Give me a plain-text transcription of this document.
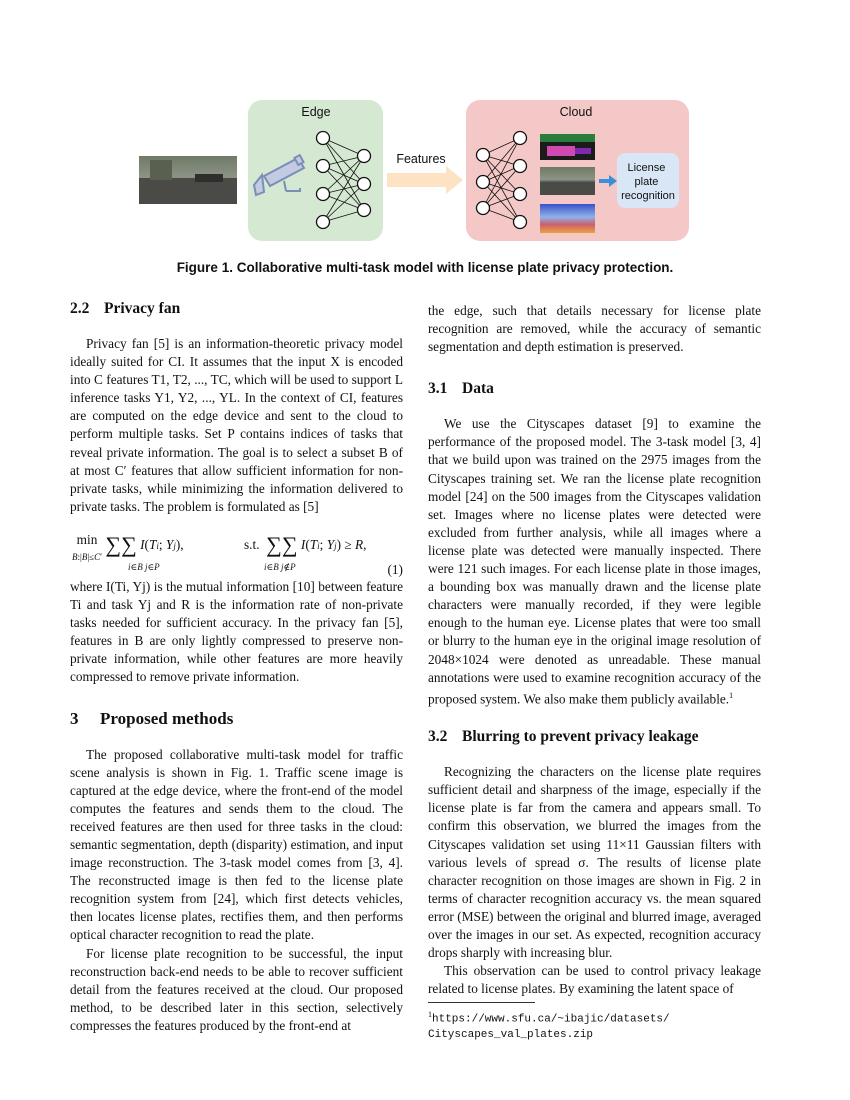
Edge
Features
Cloud
License plate recognition
Figure 1. Collaborative multi-task model with license plate privacy protection.
2.2 Privacy fan

Privacy fan [5] is an information-theoretic privacy model ideally suited for CI. It assumes that the input X is encoded into C features T1, T2, ..., TC, which will be used to support L inference tasks Y1, Y2, ..., YL. In the context of CI, features are computed on the edge device and sent to the cloud to perform multiple tasks. Set P contains indices of tasks that reveal private information. The goal is to select a subset B of at most C′ features that allow sufficient information for non-private tasks, while minimizing the information delivered to private tasks. The problem is formulated as [5]

min
B:|B|≤C′ ∑∑ I(Ti; Yj),
i∈B j∈P
s.t.  ∑∑ I(Ti; Yj) ≥ R,
i∈B j∉P	(1)

where I(Ti, Yj) is the mutual information [10] between feature Ti and task Yj and R is the information rate of non-private tasks needed for sufficient accuracy. In the privacy fan [5], features in B are only lightly compressed to preserve non-private information, while other features are more heavily compressed to remove private information.

3 Proposed methods

The proposed collaborative multi-task model for traffic scene analysis is shown in Fig. 1. Traffic scene image is captured at the edge device, where the front-end of the model computes the features and sends them to the cloud. The received features are then used for three tasks in the cloud: semantic segmentation, depth (disparity) estimation, and input image reconstruction. The 3-task model comes from [3, 4]. The reconstructed image is then fed to the license plate recognition system from [24], which first detects vehicles, then locates license plates, rectifies them, and then performs optical character recognition to read the plate.

For license plate recognition to be successful, the input reconstruction back-end needs to be able to recover sufficient detail from the features received at the cloud. Our proposed method, to be described later in this section, selectively compresses the features produced by the front-end at

the edge, such that details necessary for license plate recognition are removed, while the accuracy of semantic segmentation and depth estimation is preserved.

3.1 Data

We use the Cityscapes dataset [9] to examine the performance of the proposed model. The 3-task model [3, 4] that we build upon was trained on the 2975 images from the Cityscapes training set. We ran the license plate recognition model [24] on the 500 images from the Cityscapes validation set. Images where no license plates were detected were excluded from further analysis, while all images where a license plate was detected were manually inspected. There were 121 such images. For each license plate in those images, a bounding box was manually drawn and the license plate characters were manually recorded, if they were legible enough to the human eye. License plates that were too small or blurry to the human eye in the original image resolution of 2048×1024 were denoted as unreadable. These manual annotations were used to examine recognition accuracy of the proposed system. We also make them publicly available.$^1$

3.2 Blurring to prevent privacy leakage

Recognizing the characters on the license plate requires sufficient detail and sharpness of the image, especially if the license plate is far from the camera and appears small. To confirm this observation, we blurred the images from the Cityscapes validation set using 11×11 Gaussian filters with various levels of spread σ. The results of license plate character recognition on those images are shown in Fig. 2 in terms of character recognition accuracy vs. the mean squared error (MSE) between the original and blurred image, averaged over the images in our set. As expected, recognition accuracy drops sharply with increasing blur.

This observation can be used to control privacy leakage related to license plates. By examining the latent space of

$^1$https://www.sfu.ca/~ibajic/datasets/
Cityscapes_val_plates.zip
